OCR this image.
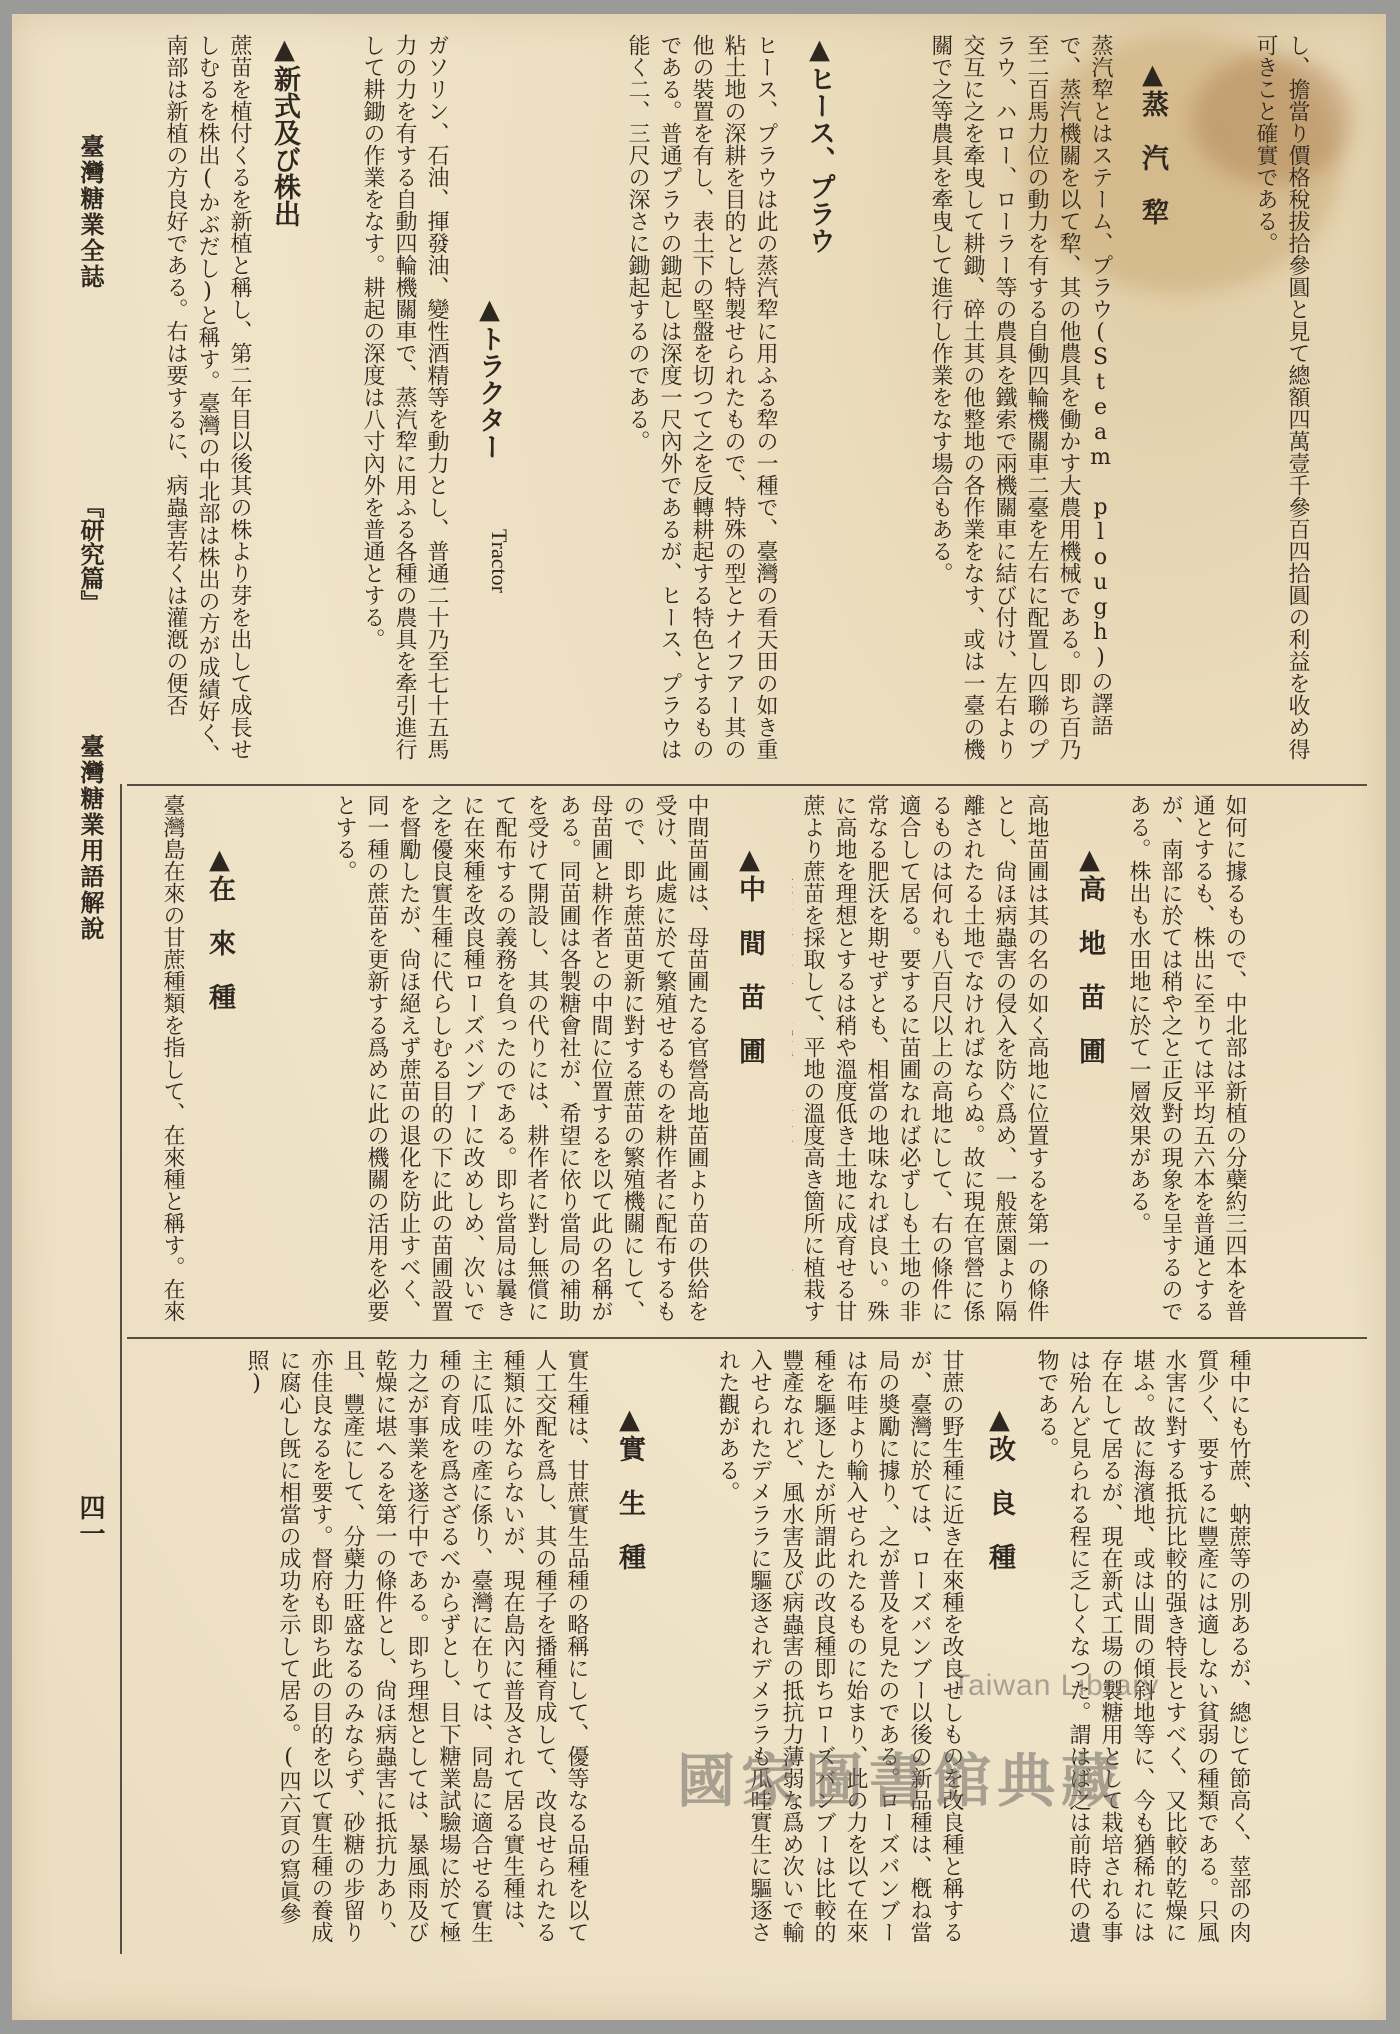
し、擔當り價格稅拔拾參圓と見て總額四萬壹千參百四拾圓の利益を收め得可きこと確實である。
▲蒸　汽　犂
蒸汽犂とはステーム、プラウ(Steam plough)の譯語で、蒸汽機關を以て犂、其の他農具を働かす大農用機械である。即ち百乃至二百馬力位の動力を有する自働四輪機關車二臺を左右に配置し四聯のプラウ、ハロー、ローラー等の農具を鐵索で兩機關車に結び付け、左右より交互に之を牽曳して耕鋤、碎土其の他整地の各作業をなす、或は一臺の機關で之等農具を牽曳して進行し作業をなす場合もある。
▲ヒース、プラウ
ヒース、プラウは此の蒸汽犂に用ふる犂の一種で、臺灣の看天田の如き重粘土地の深耕を目的とし特製せられたもので、特殊の型とナイフアー其の他の裝置を有し、表土下の堅盤を切つて之を反轉耕起する特色とするものである。普通プラウの鋤起しは深度一尺內外であるが、ヒース、プラウは能く二、三尺の深さに鋤起するのである。
▲トラクター
Tractor
ガソリン、石油、揮發油、變性酒精等を動力とし、普通二十乃至七十五馬力の力を有する自動四輪機關車で、蒸汽犂に用ふる各種の農具を牽引進行して耕鋤の作業をなす。耕起の深度は八寸內外を普通とする。
▲新式及び株出
蔗苗を植付くるを新植と稱し、第二年目以後其の株より芽を出して成長せしむるを株出(かぶだし)と稱す。臺灣の中北部は株出の方が成績好く、南部は新植の方良好である。右は要するに、病蟲害若くは灌漑の便否
如何に據るもので、中北部は新植の分蘗約三四本を普通とするも、株出に至りては平均五六本を普通とするが、南部に於ては稍や之と正反對の現象を呈するのである。株出も水田地に於て一層效果がある。
▲高　地　苗　圃
高地苗圃は其の名の如く高地に位置するを第一の條件とし、尙ほ病蟲害の侵入を防ぐ爲め、一般蔗園より隔離されたる土地でなければならぬ。故に現在官營に係るものは何れも八百尺以上の高地にして、右の條件に適合して居る。要するに苗圃なれば必ずしも土地の非常なる肥沃を期せずとも、相當の地味なれば良い。殊に高地を理想とするは稍や溫度低き土地に成育せる甘蔗より蔗苗を採取して、平地の溫度高き箇所に植栽す
▲中　間　苗　圃
中間苗圃は、母苗圃たる官營高地苗圃より苗の供給を受け、此處に於て繁殖せるものを耕作者に配布するもので、即ち蔗苗更新に對する蔗苗の繁殖機關にして、母苗圃と耕作者との中間に位置するを以て此の名稱がある。同苗圃は各製糖會社が、希望に依り當局の補助を受けて開設し、其の代りには、耕作者に對し無償にて配布するの義務を負ったのである。即ち當局は曩きに在來種を改良種ローズバンブーに改めしめ、次いで之を優良實生種に代らしむる目的の下に此の苗圃設置を督勵したが、尙ほ絕えず蔗苗の退化を防止すべく、同一種の蔗苗を更新する爲めに此の機關の活用を必要とする。
▲在　來　種
臺灣島在來の甘蔗種類を指して、在來種と稱す。在來
種中にも竹蔗、蚋蔗等の別あるが、總じて節高く、莖部の肉質少く、要するに豐產には適しない貧弱の種類である。只風水害に對する抵抗比較的强き特長とすべく、又比較的乾燥に堪ふ。故に海濱地、或は山間の傾斜地等に、今も猶稀れには存在して居るが、現在新式工場の製糖用として栽培される事は殆んど見られる程に乏しくなつた。謂はば之は前時代の遺物である。
▲改　良　種
甘蔗の野生種に近き在來種を改良せしものを改良種と稱するが、臺灣に於ては、ローズバンブー以後の新品種は、槪ね當局の奬勵に據り、之が普及を見たのである。ローズバンブーは布哇より輸入せられたるものに始まり、此の力を以て在來種を驅逐したが所謂此の改良種即ちローズバンブーは比較的豐產なれど、風水害及び病蟲害の抵抗力薄弱な爲め次いで輸入せられたデメララに驅逐されデメララも瓜哇實生に驅逐された觀がある。
▲實　生　種
實生種は、甘蔗實生品種の略稱にして、優等なる品種を以て人工交配を爲し、其の種子を播種育成して、改良せられたる種類に外ならないが、現在島內に普及されて居る實生種は、主に瓜哇の產に係り、臺灣に在りては、同島に適合せる實生種の育成を爲さざるべからずとし、目下糖業試驗場に於て極力之が事業を遂行中である。即ち理想としては、暴風雨及び乾燥に堪へるを第一の條件とし、尙ほ病蟲害に抵抗力あり、且、豐產にして、分蘗力旺盛なるのみならず、砂糖の步留り亦佳良なるを要す。督府も即ち此の目的を以て實生種の養成に腐心し旣に相當の成功を示して居る。(四六頁の寫眞參照)
臺灣糖業全誌
『研究篇』
臺灣糖業用語解說
四一
國家圖書館典藏
Taiwan Library
